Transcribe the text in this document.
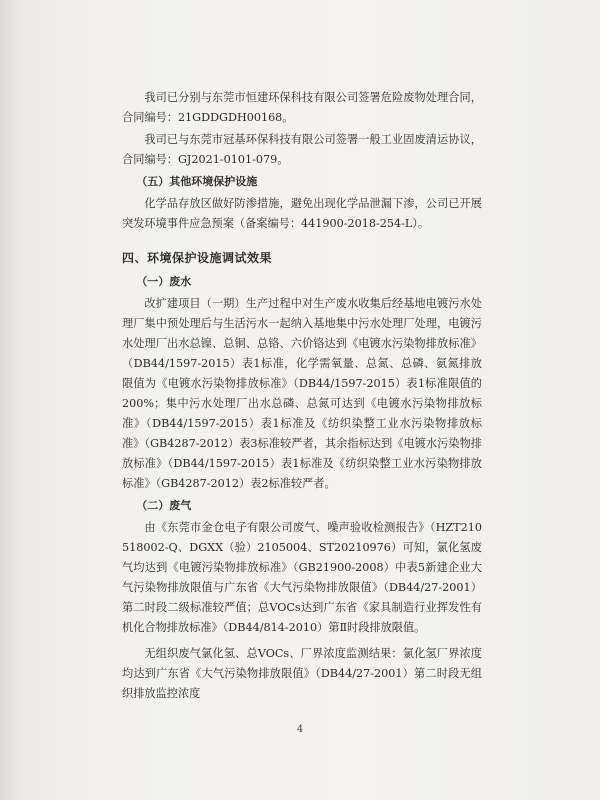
我司已分别与东莞市恒建环保科技有限公司签署危险废物处理合同，合同编号：21GDDGDH00168。

我司已与东莞市冠基环保科技有限公司签署一般工业固废清运协议，合同编号：GJ2021-0101-079。

（五）其他环境保护设施

化学品存放区做好防渗措施，避免出现化学品泄漏下渗，公司已开展突发环境事件应急预案（备案编号：441900-2018-254-L）。

四、环境保护设施调试效果
（一）废水

改扩建项目（一期）生产过程中对生产废水收集后经基地电镀污水处理厂集中预处理后与生活污水一起纳入基地集中污水处理厂处理，电镀污水处理厂出水总镍、总铜、总铬、六价铬达到《电镀水污染物排放标准》（DB44/1597-2015）表1标准，化学需氧量、总氮、总磷、氨氮排放限值为《电镀水污染物排放标准》（DB44/1597-2015）表1标准限值的200%；集中污水处理厂出水总磷、总氮可达到《电镀水污染物排放标准》（DB44/1597-2015）表1标准及《纺织染整工业水污染物排放标准》（GB4287-2012）表3标准较严者，其余指标达到《电镀水污染物排放标准》（DB44/1597-2015）表1标准及《纺织染整工业水污染物排放标准》（GB4287-2012）表2标准较严者。

（二）废气

由《东莞市金仓电子有限公司废气、噪声验收检测报告》（HZT210518002-Q、DGXX（验）2105004、ST20210976）可知，氯化氢废气均达到《电镀污染物排放标准》（GB21900-2008）中表5新建企业大气污染物排放限值与广东省《大气污染物排放限值》（DB44/27-2001）第二时段二级标准较严值；总VOCs达到广东省《家具制造行业挥发性有机化合物排放标准》（DB44/814-2010）第Ⅱ时段排放限值。

无组织废气氯化氢、总VOCs、厂界浓度监测结果：氯化氢厂界浓度均达到广东省《大气污染物排放限值》（DB44/27-2001）第二时段无组织排放监控浓度

4
